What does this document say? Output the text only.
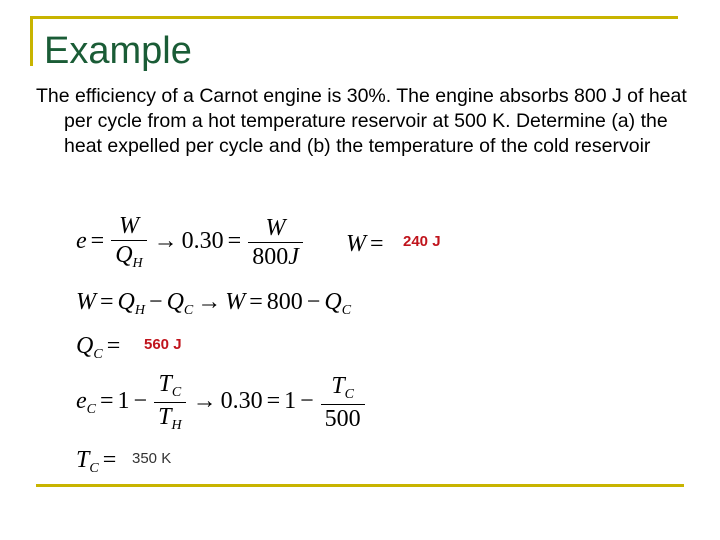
Example

The efficiency of a Carnot engine is 30%. The engine absorbs 800 J of heat per cycle from a hot temperature reservoir at 500 K. Determine (a) the heat expelled per cycle and (b) the temperature of the cold reservoir

$e = \frac{W}{Q_H} \to 0.30 = \frac{W}{800J}$ W = 240 J
$W = Q_H - Q_C \to W = 800 - Q_C$
$Q_C = 560$ J
$e_C = 1 - \frac{T_C}{T_H} \to 0.30 = 1 - \frac{T_C}{500}$
$T_C = 350$ K
